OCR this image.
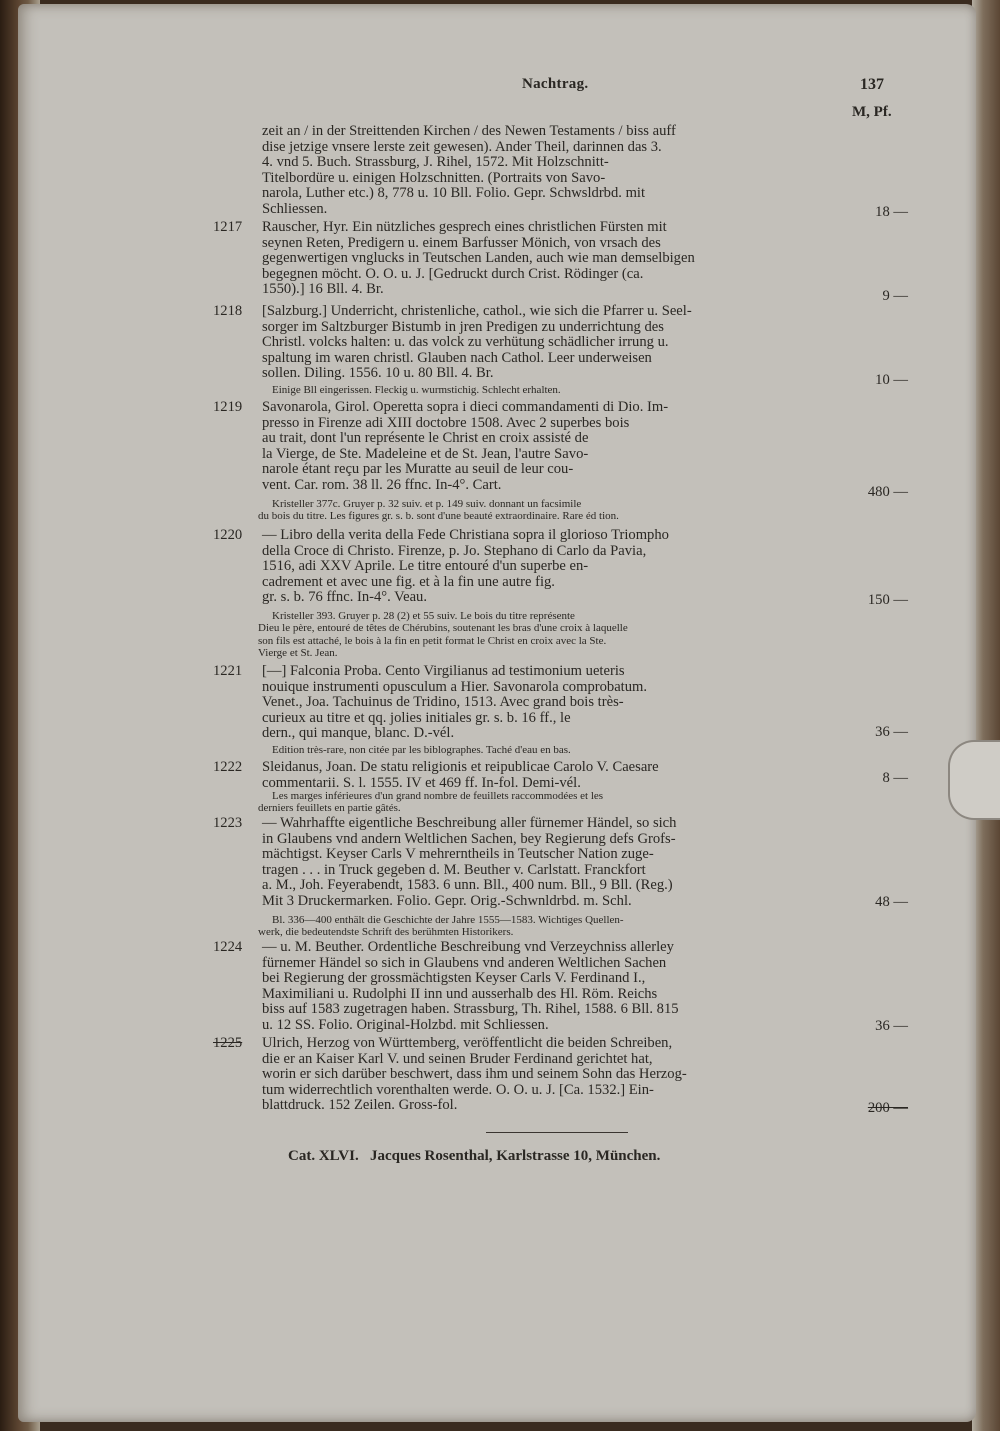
Nachtrag.	137
M, Pf.
zeit an / in der Streittenden Kirchen / des Newen Testaments / biss auff
dise jetzige vnsere lerste zeit gewesen). Ander Theil, darinnen das 3.
4. vnd 5. Buch. Strassburg, J. Rihel, 1572. Mit Holzschnitt-
Titelbordüre u. einigen Holzschnitten. (Portraits von Savo-
narola, Luther etc.) 8, 778 u. 10 Bll. Folio. Gepr. Schwsldrbd. mit
Schliessen.	18 —
1217	Rauscher, Hyr. Ein nützliches gesprech eines christlichen Fürsten mit
seynen Reten, Predigern u. einem Barfusser Mönich, von vrsach des
gegenwertigen vnglucks in Teutschen Landen, auch wie man demselbigen
begegnen möcht. O. O. u. J. [Gedruckt durch Crist. Rödinger (ca.
1550).] 16 Bll. 4. Br.	9 —
1218	[Salzburg.] Underricht, christenliche, cathol., wie sich die Pfarrer u. Seel-
sorger im Saltzburger Bistumb in jren Predigen zu underrichtung des
Christl. volcks halten: u. das volck zu verhütung schädlicher irrung u.
spaltung im waren christl. Glauben nach Cathol. Leer underweisen
sollen. Diling. 1556. 10 u. 80 Bll. 4. Br.	10 —
Einige Bll eingerissen. Fleckig u. wurmstichig. Schlecht erhalten.
1219	Savonarola, Girol. Operetta sopra i dieci commandamenti di Dio. Im-
presso in Firenze adi XIII doctobre 1508. Avec 2 superbes bois
au trait, dont l'un représente le Christ en croix assisté de
la Vierge, de Ste. Madeleine et de St. Jean, l'autre Savo-
narole étant reçu par les Muratte au seuil de leur cou-
vent. Car. rom. 38 ll. 26 ffnc. In-4°. Cart.	480 —
Kristeller 377c. Gruyer p. 32 suiv. et p. 149 suiv. donnant un facsimile
du bois du titre. Les figures gr. s. b. sont d'une beauté extraordinaire. Rare éd tion.
1220	— Libro della verita della Fede Christiana sopra il glorioso Triompho
della Croce di Christo. Firenze, p. Jo. Stephano di Carlo da Pavia,
1516, adi XXV Aprile. Le titre entouré d'un superbe en-
cadrement et avec une fig. et à la fin une autre fig.
gr. s. b. 76 ffnc. In-4°. Veau.	150 —
Kristeller 393. Gruyer p. 28 (2) et 55 suiv. Le bois du titre représente
Dieu le père, entouré de têtes de Chérubins, soutenant les bras d'une croix à laquelle
son fils est attaché, le bois à la fin en petit format le Christ en croix avec la Ste.
Vierge et St. Jean.
1221	[—] Falconia Proba. Cento Virgilianus ad testimonium ueteris
nouique instrumenti opusculum a Hier. Savonarola comprobatum.
Venet., Joa. Tachuinus de Tridino, 1513. Avec grand bois très-
curieux au titre et qq. jolies initiales gr. s. b. 16 ff., le
dern., qui manque, blanc. D.-vél.	36 —
Edition très-rare, non citée par les biblographes. Taché d'eau en bas.
1222	Sleidanus, Joan. De statu religionis et reipublicae Carolo V. Caesare
commentarii. S. l. 1555. IV et 469 ff. In-fol. Demi-vél.	8 —
Les marges inférieures d'un grand nombre de feuillets raccommodées et les
derniers feuillets en partie gâtés.
1223	— Wahrhaffte eigentliche Beschreibung aller fürnemer Händel, so sich
in Glaubens vnd andern Weltlichen Sachen, bey Regierung defs Grofs-
mächtigst. Keyser Carls V mehrerntheils in Teutscher Nation zuge-
tragen . . . in Truck gegeben d. M. Beuther v. Carlstatt. Franckfort
a. M., Joh. Feyerabendt, 1583. 6 unn. Bll., 400 num. Bll., 9 Bll. (Reg.)
Mit 3 Druckermarken. Folio. Gepr. Orig.-Schwnldrbd. m. Schl.	48 —
Bl. 336—400 enthält die Geschichte der Jahre 1555—1583. Wichtiges Quellen-
werk, die bedeutendste Schrift des berühmten Historikers.
1224	— u. M. Beuther. Ordentliche Beschreibung vnd Verzeychniss allerley
fürnemer Händel so sich in Glaubens vnd anderen Weltlichen Sachen
bei Regierung der grossmächtigsten Keyser Carls V. Ferdinand I.,
Maximiliani u. Rudolphi II inn und ausserhalb des Hl. Röm. Reichs
biss auf 1583 zugetragen haben. Strassburg, Th. Rihel, 1588. 6 Bll. 815
u. 12 SS. Folio. Original-Holzbd. mit Schliessen.	36 —
1225	Ulrich, Herzog von Württemberg, veröffentlicht die beiden Schreiben,
die er an Kaiser Karl V. und seinen Bruder Ferdinand gerichtet hat,
worin er sich darüber beschwert, dass ihm und seinem Sohn das Herzog-
tum widerrechtlich vorenthalten werde. O. O. u. J. [Ca. 1532.] Ein-
blattdruck. 152 Zeilen. Gross-fol.	200 —
Cat. XLVI. Jacques Rosenthal, Karlstrasse 10, München.
